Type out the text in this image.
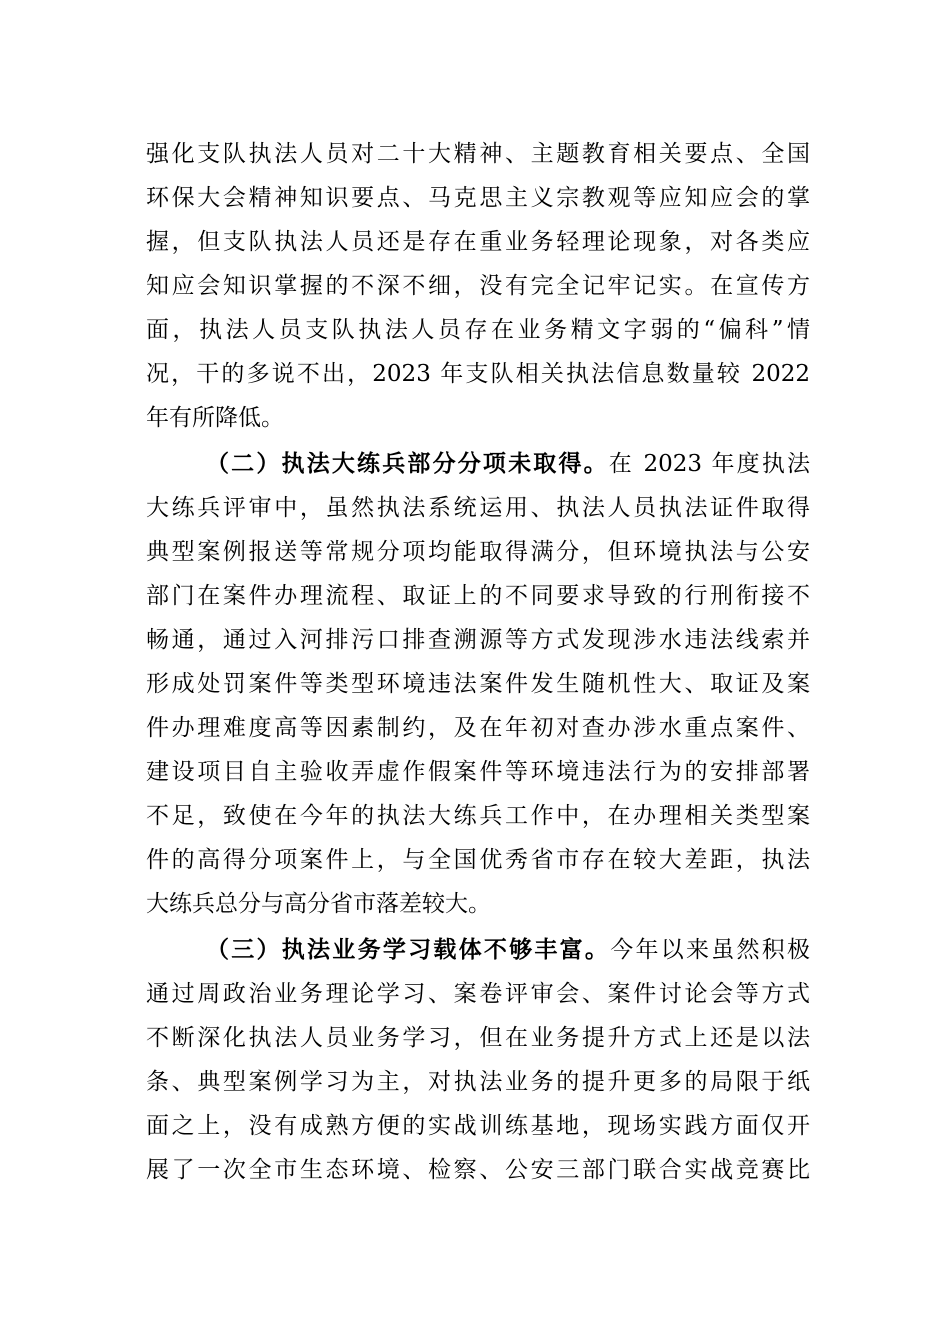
强化支队执法人员对二十大精神、主题教育相关要点、全国
环保大会精神知识要点、马克思主义宗教观等应知应会的掌
握，但支队执法人员还是存在重业务轻理论现象，对各类应
知应会知识掌握的不深不细，没有完全记牢记实。在宣传方
面，执法人员支队执法人员存在业务精文字弱的“偏科”情
况，干的多说不出，2023 年支队相关执法信息数量较 2022
年有所降低。
（二）执法大练兵部分分项未取得。在 2023 年度执法
大练兵评审中，虽然执法系统运用、执法人员执法证件取得
典型案例报送等常规分项均能取得满分，但环境执法与公安
部门在案件办理流程、取证上的不同要求导致的行刑衔接不
畅通，通过入河排污口排查溯源等方式发现涉水违法线索并
形成处罚案件等类型环境违法案件发生随机性大、取证及案
件办理难度高等因素制约，及在年初对查办涉水重点案件、
建设项目自主验收弄虚作假案件等环境违法行为的安排部署
不足，致使在今年的执法大练兵工作中，在办理相关类型案
件的高得分项案件上，与全国优秀省市存在较大差距，执法
大练兵总分与高分省市落差较大。
（三）执法业务学习载体不够丰富。今年以来虽然积极
通过周政治业务理论学习、案卷评审会、案件讨论会等方式
不断深化执法人员业务学习，但在业务提升方式上还是以法
条、典型案例学习为主，对执法业务的提升更多的局限于纸
面之上，没有成熟方便的实战训练基地，现场实践方面仅开
展了一次全市生态环境、检察、公安三部门联合实战竞赛比
